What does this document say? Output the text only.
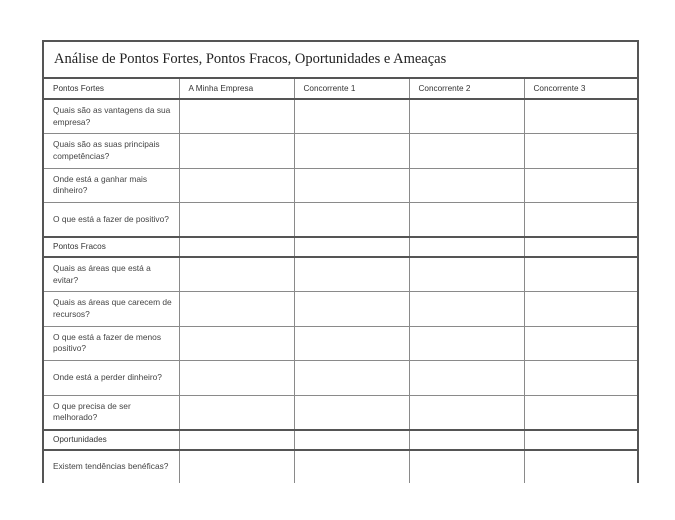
Análise de Pontos Fortes, Pontos Fracos, Oportunidades e Ameaças
Pontos Fortes	A Minha Empresa	Concorrente 1	Concorrente 2	Concorrente 3

Quais são as vantagens da sua empresa?				

Quais são as suas principais competências?				

Onde está a ganhar mais dinheiro?				

O que está a fazer de positivo?				

Pontos Fracos				

Quais as áreas que está a evitar?				

Quais as áreas que carecem de recursos?				

O que está a fazer de menos positivo?				

Onde está a perder dinheiro?				

O que precisa de ser melhorado?				

Oportunidades				

Existem tendências benéficas?				
